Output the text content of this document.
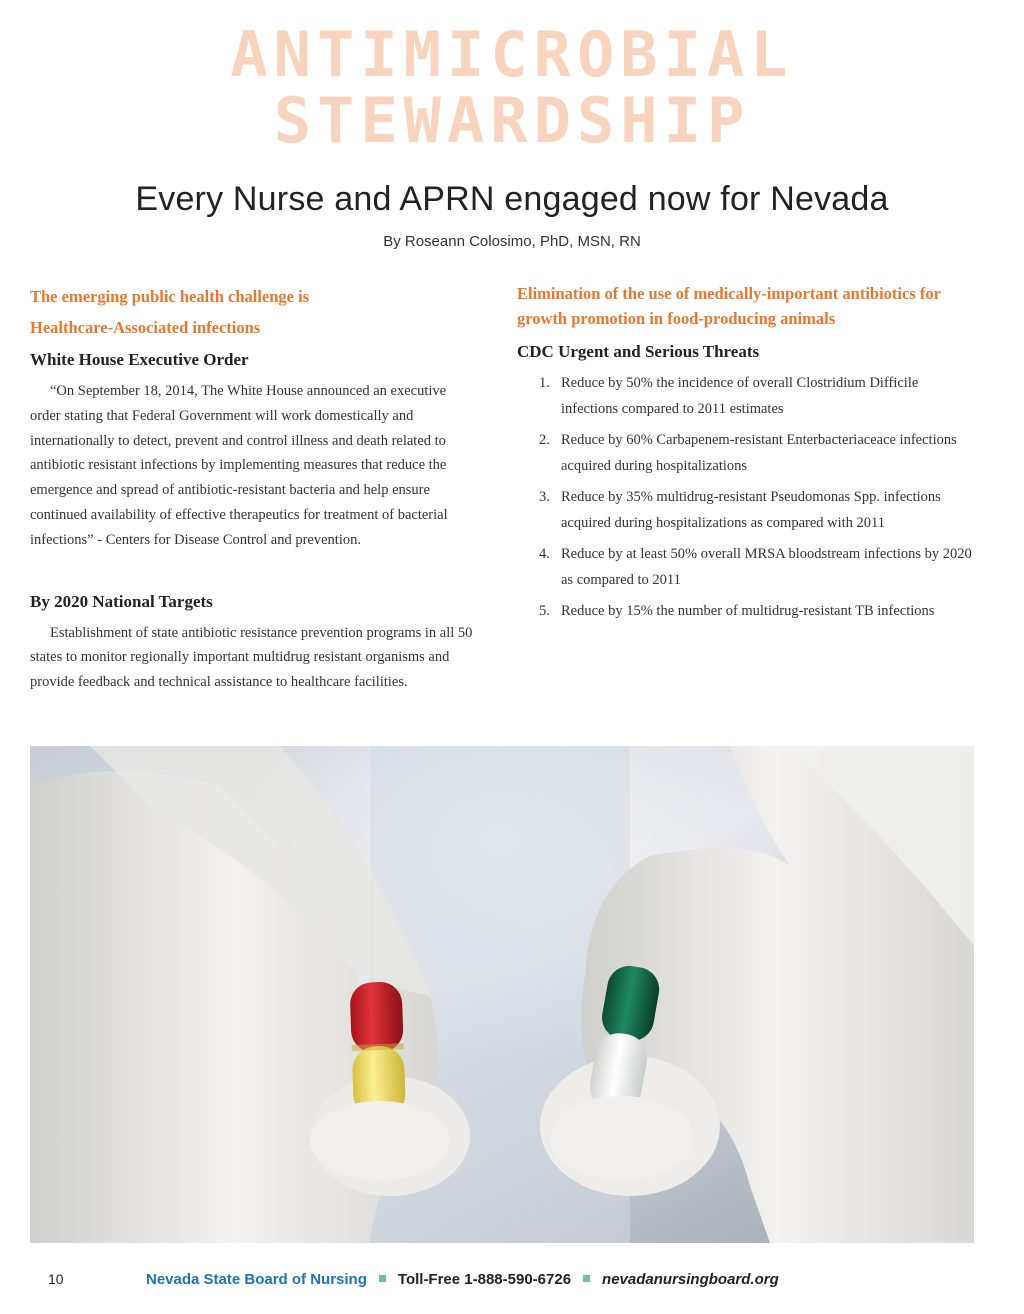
ANTIMICROBIAL
STEWARDSHIP
Every Nurse and APRN engaged now for Nevada
By Roseann Colosimo, PhD, MSN, RN

The emerging public health challenge is

Healthcare-Associated infections

White House Executive Order

“On September 18, 2014, The White House announced an executive order stating that Federal Government will work domestically and internationally to detect, prevent and control illness and death related to antibiotic resistant infections by implementing measures that reduce the emergence and spread of antibiotic-resistant bacteria and help ensure continued availability of effective therapeutics for treatment of bacterial infections” - Centers for Disease Control and prevention.

By 2020 National Targets

Establishment of state antibiotic resistance prevention programs in all 50 states to monitor regionally important multidrug resistant organisms and provide feedback and technical assistance to healthcare facilities.

Elimination of the use of medically-important antibiotics for growth promotion in food-producing animals

CDC Urgent and Serious Threats
1. Reduce by 50% the incidence of overall Clostridium Difficile infections compared to 2011 estimates
2. Reduce by 60% Carbapenem-resistant Enterbacteriaceace infections acquired during hospitalizations
3. Reduce by 35% multidrug-resistant Pseudomonas Spp. infections acquired during hospitalizations as compared with 2011
4. Reduce by at least 50% overall MRSA bloodstream infections by 2020 as compared to 2011
5. Reduce by 15% the number of multidrug-resistant TB infections
10	Nevada State Board of Nursing Toll-Free 1-888-590-6726 nevadanursingboard.org
